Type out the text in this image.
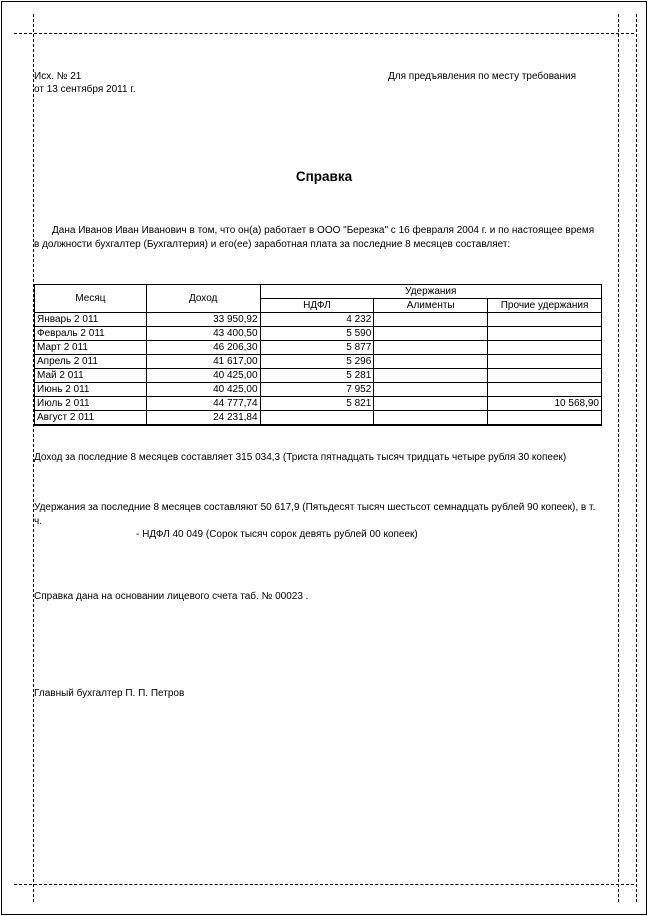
Исх. № 21
от 13 сентября 2011 г.
Для предъявления по месту требования
Справка
Дана Иванов Иван Иванович в том, что он(а) работает в ООО "Березка" с 16 февраля 2004 г. и по настоящее время в должности бухгалтер (Бухгалтерия) и его(ее) заработная плата за последние 8 месяцев составляет:
Месяц	Доход	Удержания		
		НДФЛ	Алименты	Прочие удержания
Январь 2 011	33 950,92	4 232		
Февраль 2 011	43 400,50	5 590		
Март 2 011	46 206,30	5 877		
Апрель 2 011	41 617,00	5 296		
Май 2 011	40 425,00	5 281		
Июнь 2 011	40 425,00	7 952		
Июль 2 011	44 777,74	5 821		10 568,90
Август 2 011	24 231,84			
Доход за последние 8 месяцев составляет 315 034,3 (Триста пятнадцать тысяч тридцать четыре рубля 30 копеек)
Удержания за последние 8 месяцев составляют 50 617,9 (Пятьдесят тысяч шестьсот семнадцать рублей 90 копеек), в т. ч.
- НДФЛ 40 049 (Сорок тысяч сорок девять рублей 00 копеек)
Справка дана на основании лицевого счета таб. № 00023 .
Главный бухгалтер П. П. Петров
